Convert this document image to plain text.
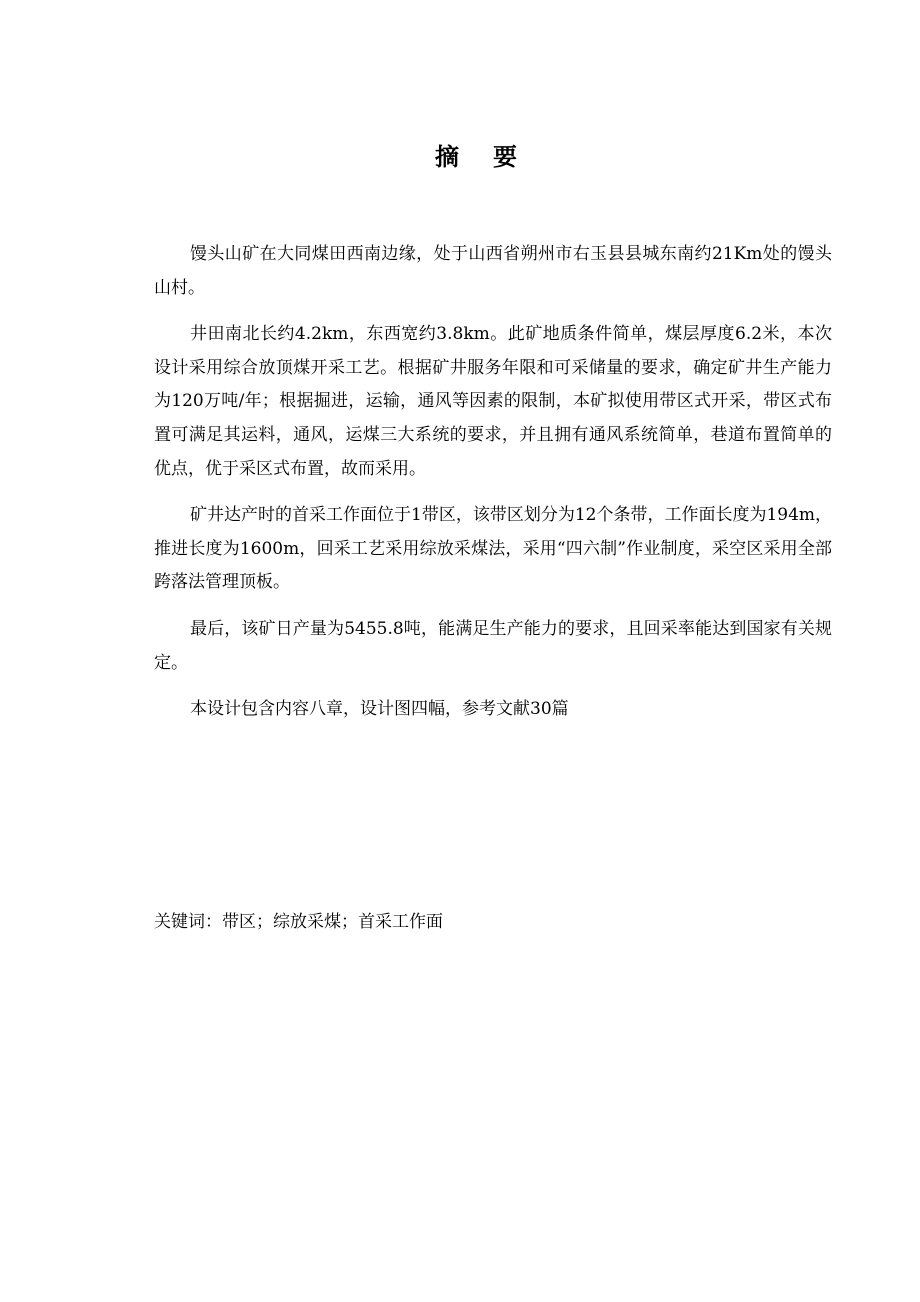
摘要

馒头山矿在大同煤田西南边缘，处于山西省朔州市右玉县县城东南约21Km处的馒头山村。

井田南北长约4.2km，东西宽约3.8km。此矿地质条件简单，煤层厚度6.2米，本次设计采用综合放顶煤开采工艺。根据矿井服务年限和可采储量的要求，确定矿井生产能力为120万吨/年；根据掘进，运输，通风等因素的限制，本矿拟使用带区式开采，带区式布置可满足其运料，通风，运煤三大系统的要求，并且拥有通风系统简单，巷道布置简单的优点，优于采区式布置，故而采用。

矿井达产时的首采工作面位于1带区，该带区划分为12个条带，工作面长度为194m，推进长度为1600m，回采工艺采用综放采煤法，采用“四六制”作业制度，采空区采用全部跨落法管理顶板。

最后，该矿日产量为5455.8吨，能满足生产能力的要求，且回采率能达到国家有关规定。

本设计包含内容八章，设计图四幅，参考文献30篇

关键词：带区；综放采煤；首采工作面
